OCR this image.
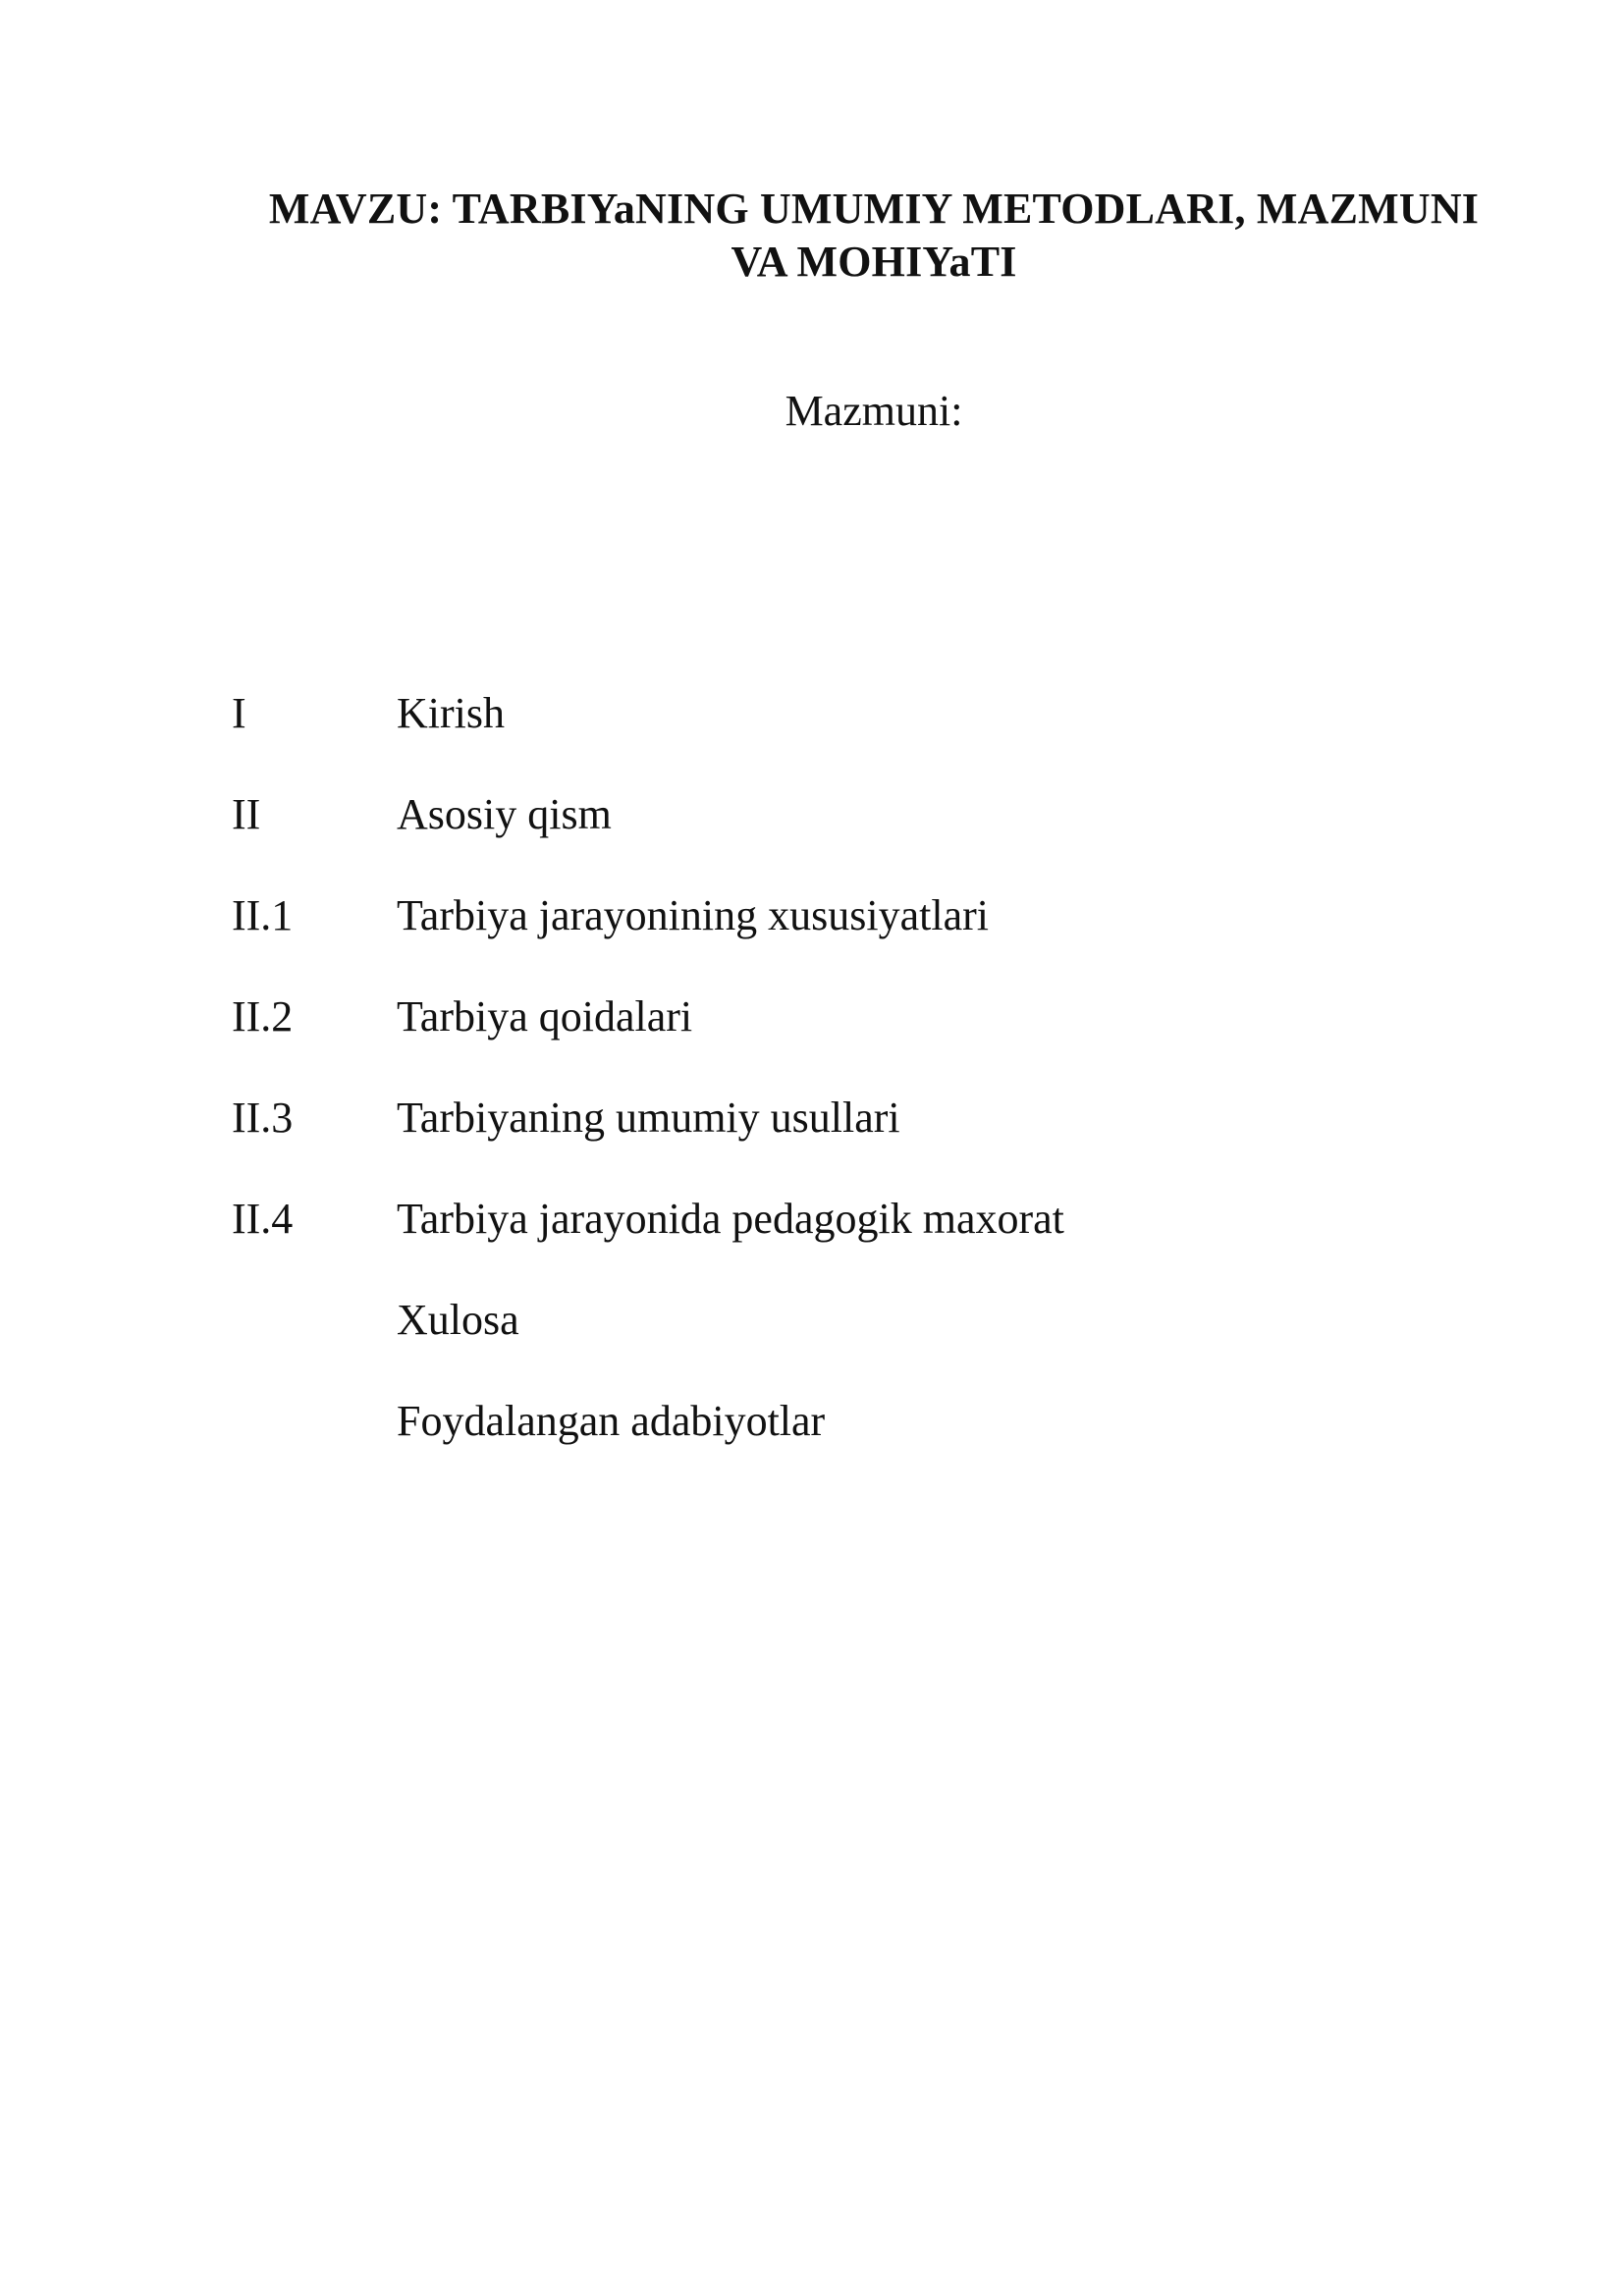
MAVZU: TARBIYaNING UMUMIY METODLARI, MAZMUNI
VA MOHIYaTI
Mazmuni:
I	Kirish
II	Asosiy qism
II.1 Tarbiya jarayonining xususiyatlari
II.2 Tarbiya qoidalari
II.3 Tarbiyaning umumiy usullari
II.4 Tarbiya jarayonida pedagogik maxorat
Xulosa
Foydalangan adabiyotlar
